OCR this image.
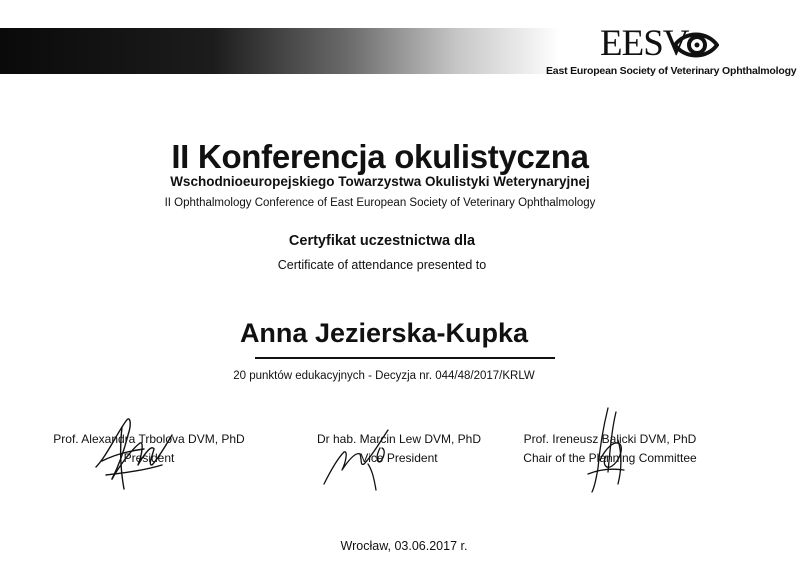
EESV
East European Society of Veterinary Ophthalmology
II Konferencja okulistyczna
Wschodnioeuropejskiego Towarzystwa Okulistyki Weterynaryjnej
II Ophthalmology Conference of East European Society of Veterinary Ophthalmology
Certyfikat uczestnictwa dla
Certificate of attendance presented to
Anna Jezierska-Kupka
20 punktów edukacyjnych - Decyzja nr. 044/48/2017/KRLW
Prof. Alexandra Trbolova DVM, PhD
President
Dr hab. Marcin Lew DVM, PhD
Vice President
Prof. Ireneusz Balicki DVM, PhD
Chair of the Planning Committee
Wrocław, 03.06.2017 r.
